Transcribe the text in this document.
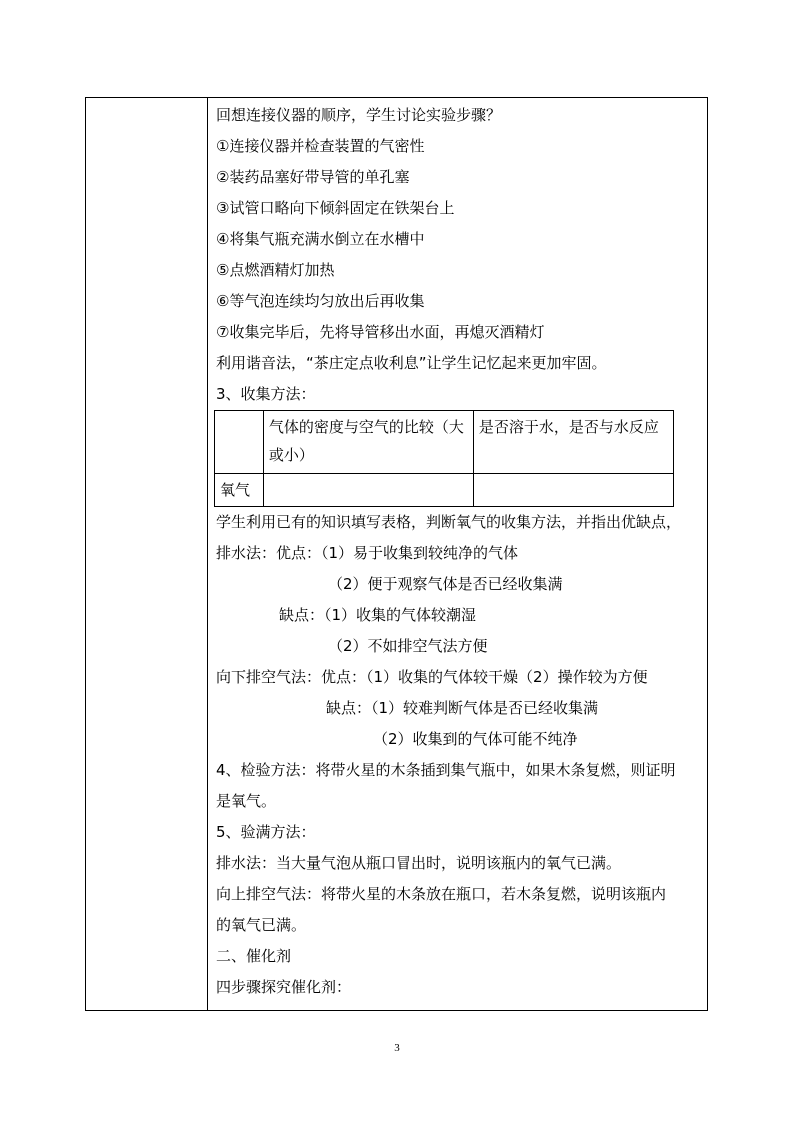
回想连接仪器的顺序，学生讨论实验步骤？
①连接仪器并检查装置的气密性
②装药品塞好带导管的单孔塞
③试管口略向下倾斜固定在铁架台上
④将集气瓶充满水倒立在水槽中
⑤点燃酒精灯加热
⑥等气泡连续均匀放出后再收集
⑦收集完毕后，先将导管移出水面，再熄灭酒精灯
利用谐音法，“茶庄定点收利息”让学生记忆起来更加牢固。
3、收集方法：
	气体的密度与空气的比较（大或小）	是否溶于水，是否与水反应
氧气		
学生利用已有的知识填写表格，判断氧气的收集方法，并指出优缺点，
排水法：优点：（1）易于收集到较纯净的气体
（2）便于观察气体是否已经收集满
缺点：（1）收集的气体较潮湿
（2）不如排空气法方便
向下排空气法：优点：（1）收集的气体较干燥（2）操作较为方便
缺点：（1）较难判断气体是否已经收集满
（2）收集到的气体可能不纯净
4、检验方法：将带火星的木条插到集气瓶中，如果木条复燃，则证明
是氧气。
5、验满方法：
排水法：当大量气泡从瓶口冒出时，说明该瓶内的氧气已满。
向上排空气法：将带火星的木条放在瓶口，若木条复燃，说明该瓶内
的氧气已满。
二、催化剂
四步骤探究催化剂：
3
